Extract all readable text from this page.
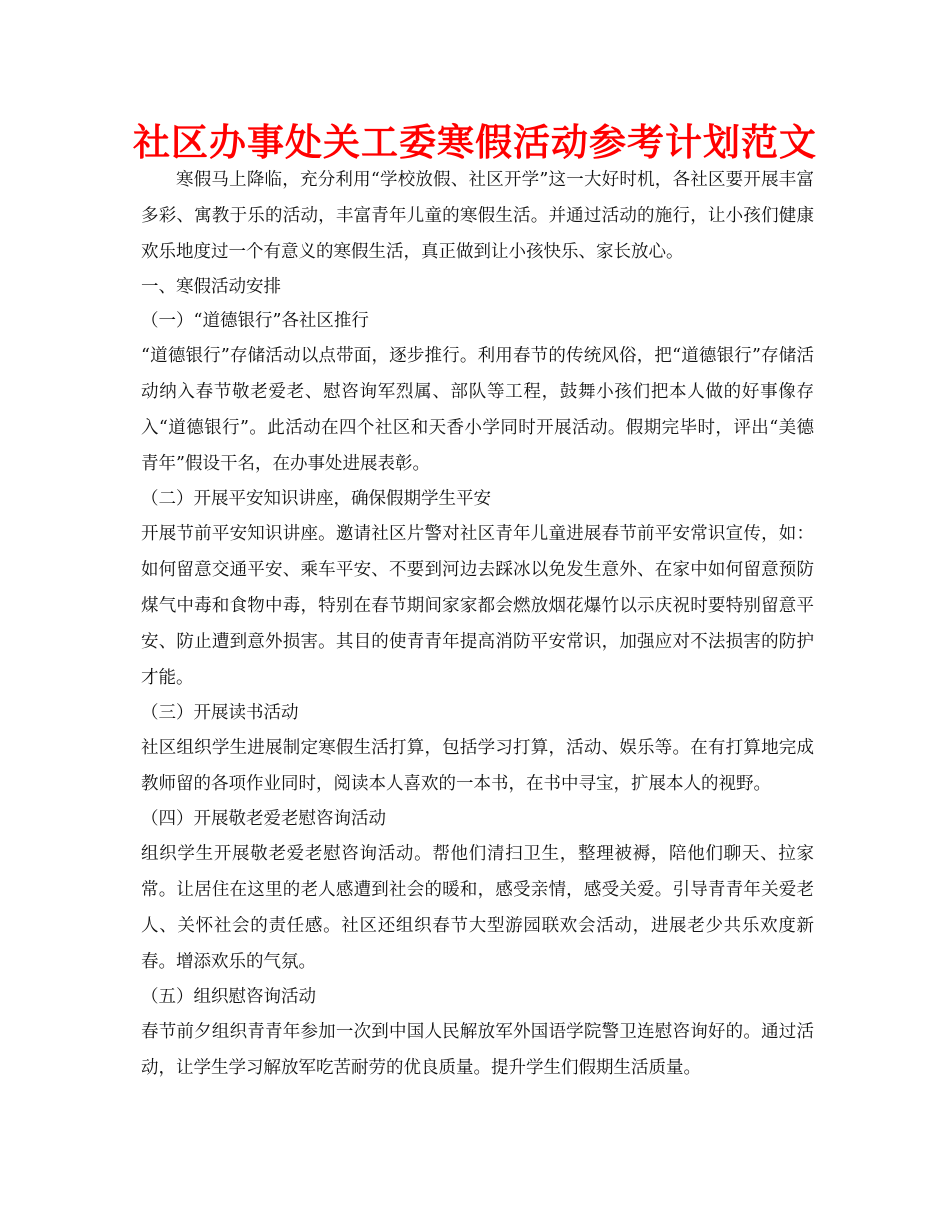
社区办事处关工委寒假活动参考计划范文

寒假马上降临，充分利用“学校放假、社区开学”这一大好时机，各社区要开展丰富多彩、寓教于乐的活动，丰富青年儿童的寒假生活。并通过活动的施行，让小孩们健康欢乐地度过一个有意义的寒假生活，真正做到让小孩快乐、家长放心。

一、寒假活动安排

（一）“道德银行”各社区推行

“道德银行”存储活动以点带面，逐步推行。利用春节的传统风俗，把“道德银行”存储活动纳入春节敬老爱老、慰咨询军烈属、部队等工程，鼓舞小孩们把本人做的好事像存入“道德银行”。此活动在四个社区和天香小学同时开展活动。假期完毕时，评出“美德青年”假设干名，在办事处进展表彰。

（二）开展平安知识讲座，确保假期学生平安

开展节前平安知识讲座。邀请社区片警对社区青年儿童进展春节前平安常识宣传，如：如何留意交通平安、乘车平安、不要到河边去踩冰以免发生意外、在家中如何留意预防煤气中毒和食物中毒，特别在春节期间家家都会燃放烟花爆竹以示庆祝时要特别留意平安、防止遭到意外损害。其目的使青青年提高消防平安常识，加强应对不法损害的防护才能。

（三）开展读书活动

社区组织学生进展制定寒假生活打算，包括学习打算，活动、娱乐等。在有打算地完成教师留的各项作业同时，阅读本人喜欢的一本书，在书中寻宝，扩展本人的视野。

（四）开展敬老爱老慰咨询活动

组织学生开展敬老爱老慰咨询活动。帮他们清扫卫生，整理被褥，陪他们聊天、拉家常。让居住在这里的老人感遭到社会的暖和，感受亲情，感受关爱。引导青青年关爱老人、关怀社会的责任感。社区还组织春节大型游园联欢会活动，进展老少共乐欢度新春。增添欢乐的气氛。

（五）组织慰咨询活动

春节前夕组织青青年参加一次到中国人民解放军外国语学院警卫连慰咨询好的。通过活动，让学生学习解放军吃苦耐劳的优良质量。提升学生们假期生活质量。
